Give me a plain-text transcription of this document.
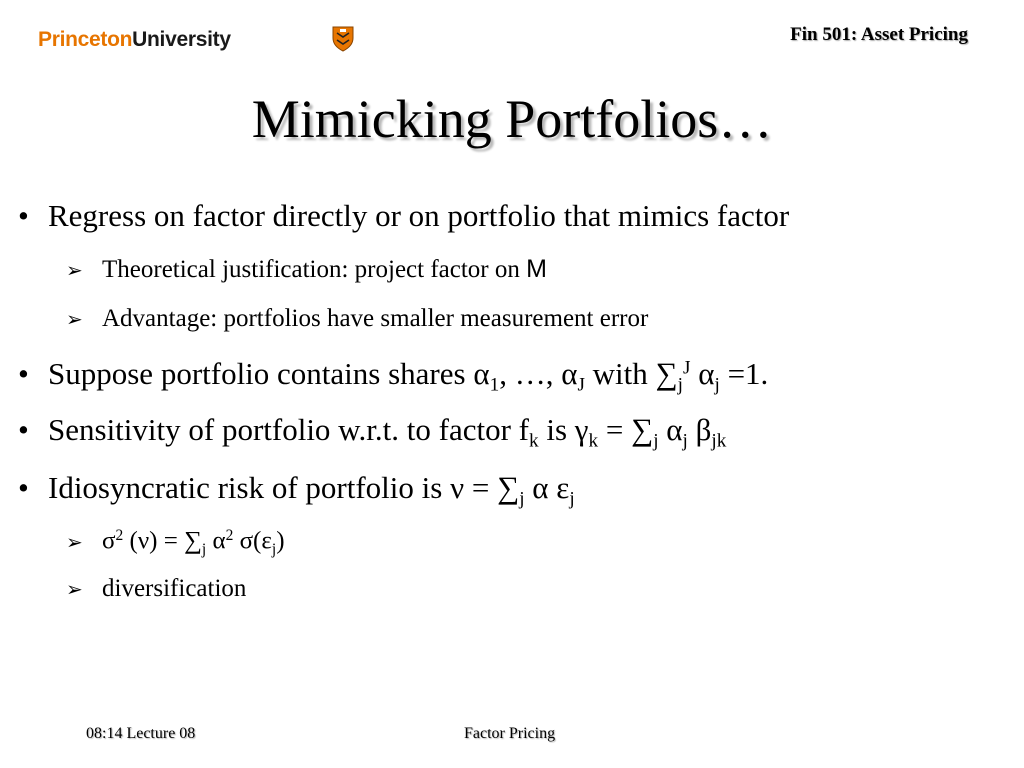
PrincetonUniversity	Fin 501: Asset Pricing
Mimicking Portfolios…
• Regress on factor directly or on portfolio that mimics factor
➢ Theoretical justification: project factor on M
➢ Advantage: portfolios have smaller measurement error
• Suppose portfolio contains shares $\alpha_1$, …, $\alpha_J$ with $\sum_j^J$ $\alpha_j =1$.
• Sensitivity of portfolio w.r.t. to factor $f_k$ is $\gamma_k = \sum_j$ $\alpha_j$ $\beta_{jk}$
• Idiosyncratic risk of portfolio is $\nu = \sum_j$ α $\varepsilon_j$
➢ $\sigma^2$ $(\nu) = \sum_j$ $\alpha^2$ $\sigma(\varepsilon_j)$
➢ diversification
08:14 Lecture 08	Factor Pricing
